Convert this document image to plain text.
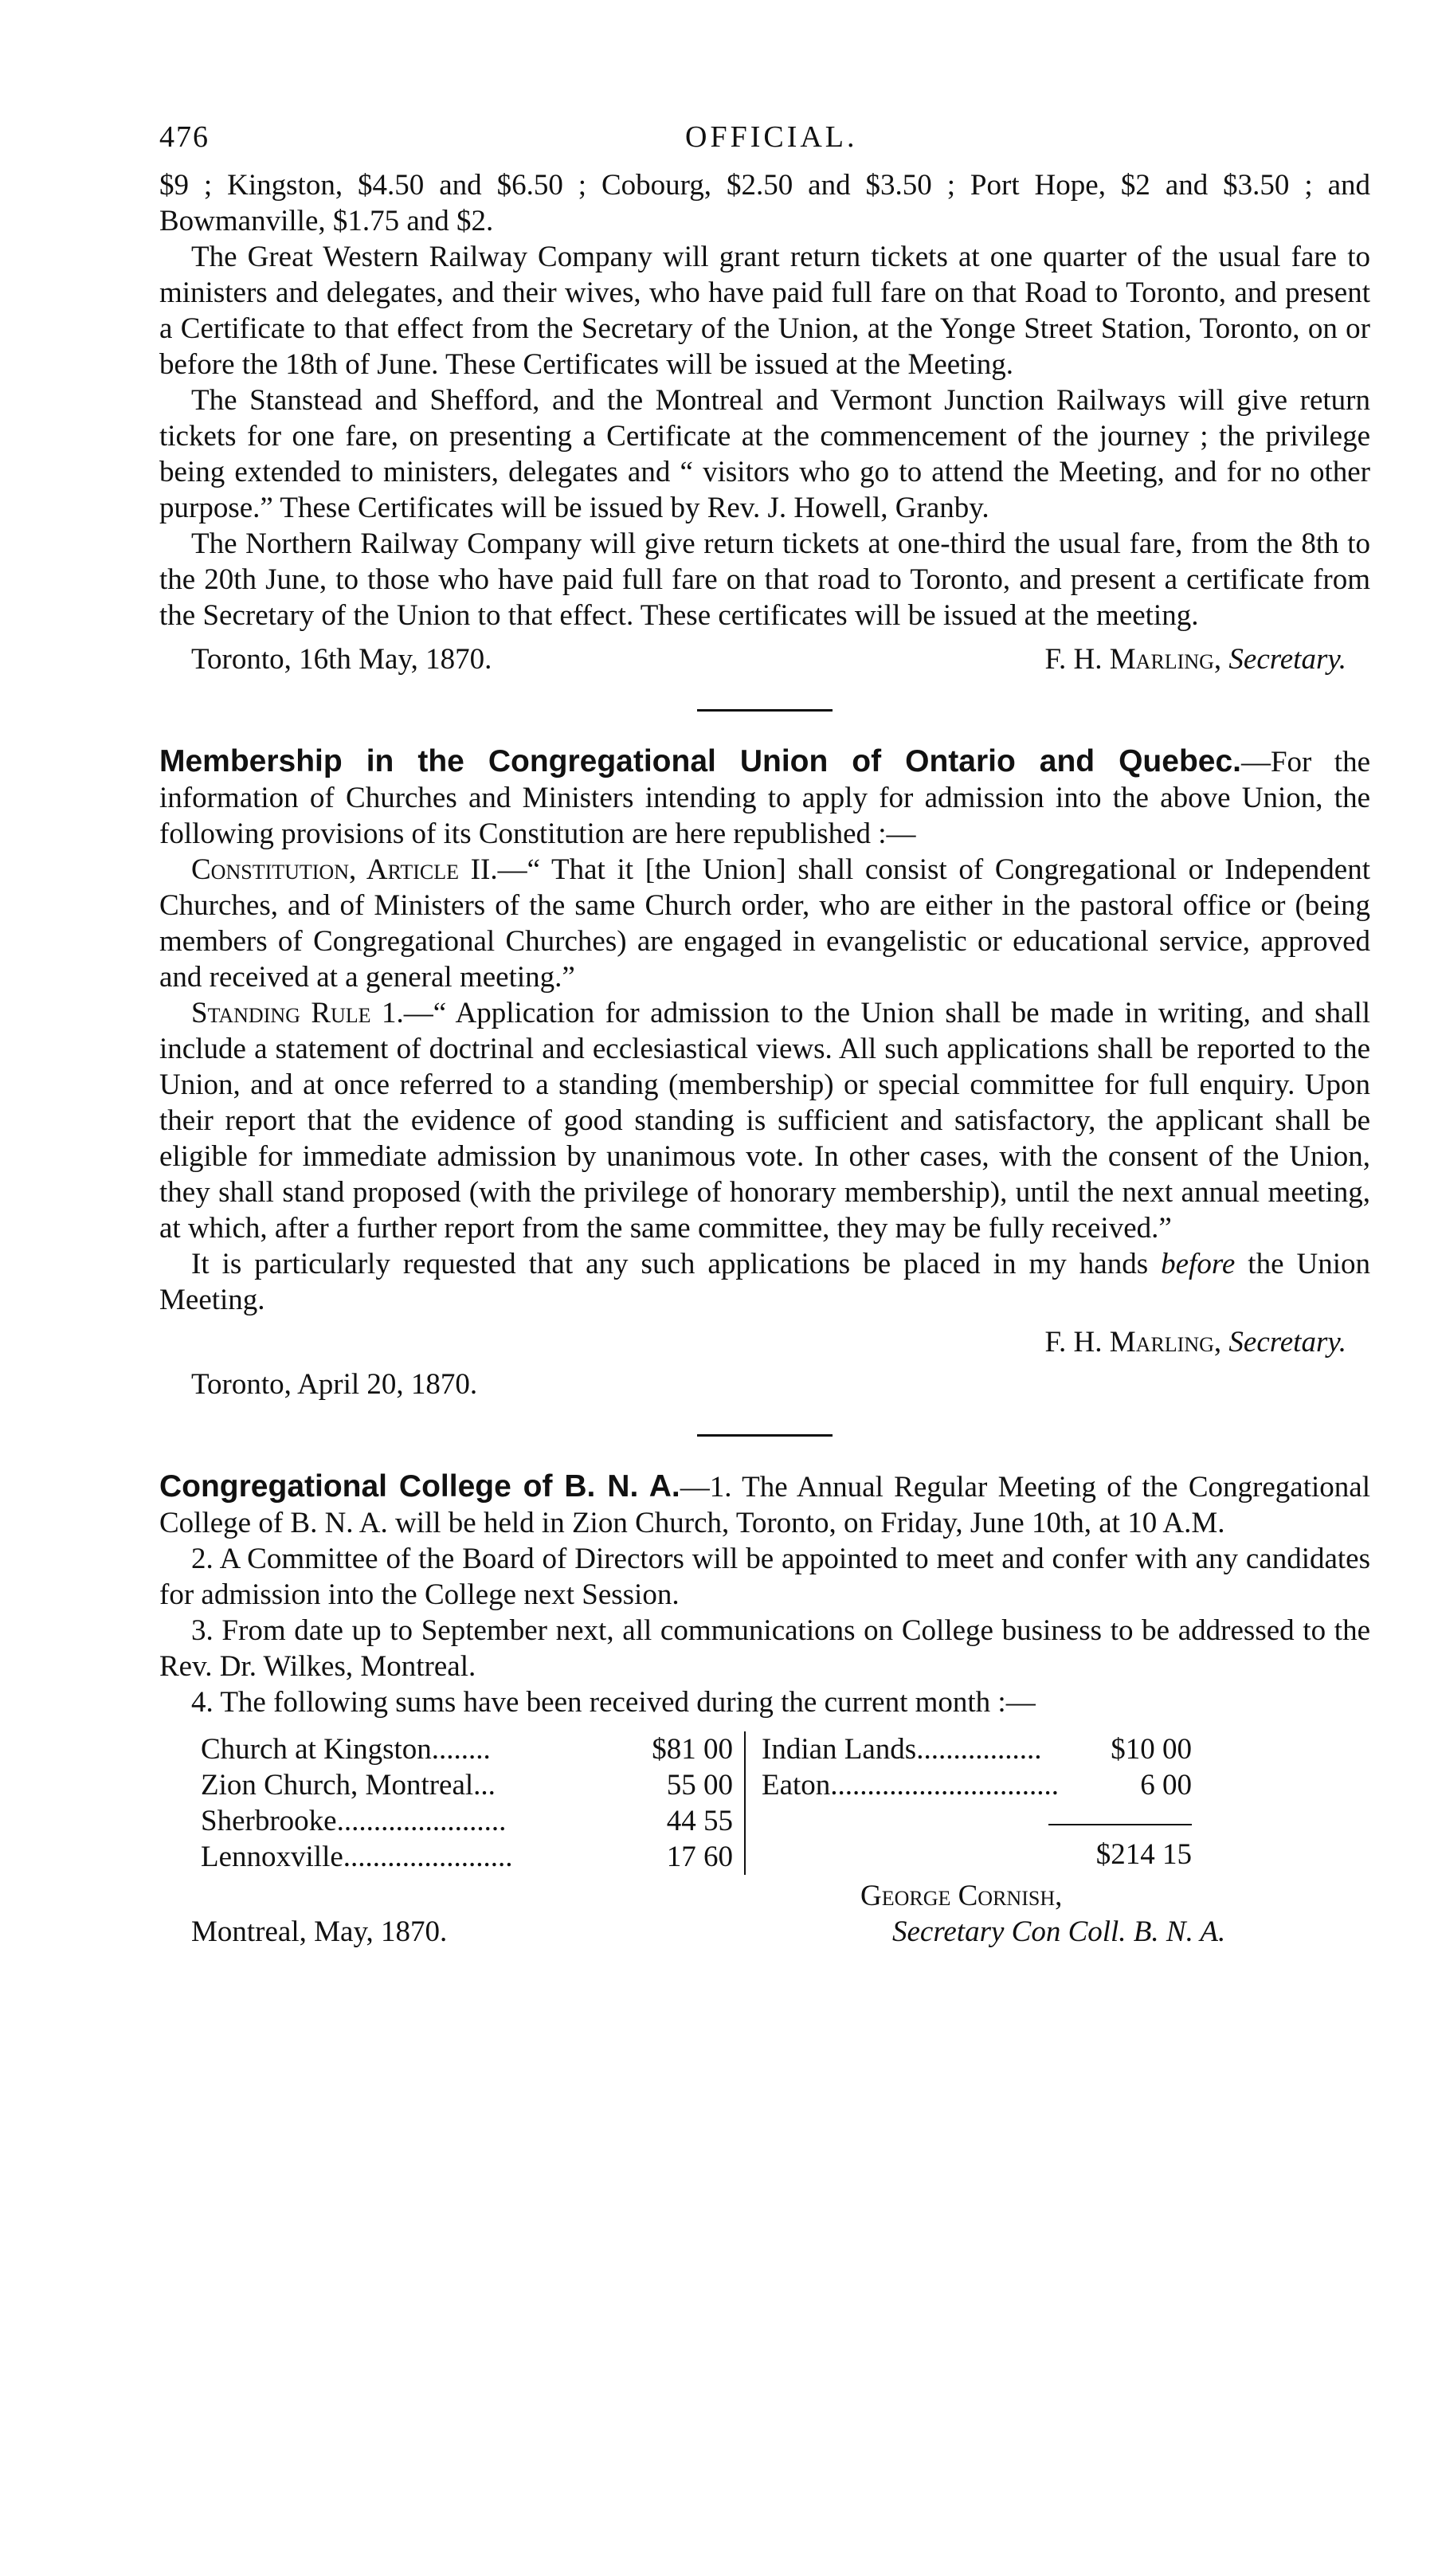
476	OFFICIAL.

$9 ; Kingston, $4.50 and $6.50 ; Cobourg, $2.50 and $3.50 ; Port Hope, $2 and $3.50 ; and Bowmanville, $1.75 and $2.

The Great Western Railway Company will grant return tickets at one quarter of the usual fare to ministers and delegates, and their wives, who have paid full fare on that Road to Toronto, and present a Certificate to that effect from the Secretary of the Union, at the Yonge Street Station, Toronto, on or before the 18th of June. These Certificates will be issued at the Meeting.

The Stanstead and Shefford, and the Montreal and Vermont Junction Railways will give return tickets for one fare, on presenting a Certificate at the commencement of the journey ; the privilege being extended to ministers, delegates and “ visitors who go to attend the Meeting, and for no other purpose.” These Certificates will be issued by Rev. J. Howell, Granby.

The Northern Railway Company will give return tickets at one-third the usual fare, from the 8th to the 20th June, to those who have paid full fare on that road to Toronto, and present a certificate from the Secretary of the Union to that effect. These certificates will be issued at the meeting.

Toronto, 16th May, 1870.	F. H. Marling, Secretary.

Membership in the Congregational Union of Ontario and Quebec.—For the information of Churches and Ministers intending to apply for admission into the above Union, the following provisions of its Constitution are here republished :—

Constitution, Article II.—“ That it [the Union] shall consist of Congregational or Independent Churches, and of Ministers of the same Church order, who are either in the pastoral office or (being members of Congregational Churches) are engaged in evangelistic or educational service, approved and received at a general meeting.”

Standing Rule 1.—“ Application for admission to the Union shall be made in writing, and shall include a statement of doctrinal and ecclesiastical views. All such applications shall be reported to the Union, and at once referred to a standing (membership) or special committee for full enquiry. Upon their report that the evidence of good standing is sufficient and satisfactory, the applicant shall be eligible for immediate admission by unanimous vote. In other cases, with the consent of the Union, they shall stand proposed (with the privilege of honorary membership), until the next annual meeting, at which, after a further report from the same committee, they may be fully received.”

It is particularly requested that any such applications be placed in my hands before the Union Meeting.

F. H. Marling, Secretary.
Toronto, April 20, 1870.

Congregational College of B. N. A.—1. The Annual Regular Meeting of the Congregational College of B. N. A. will be held in Zion Church, Toronto, on Friday, June 10th, at 10 A.M.

2. A Committee of the Board of Directors will be appointed to meet and confer with any candidates for admission into the College next Session.

3. From date up to September next, all communications on College business to be addressed to the Rev. Dr. Wilkes, Montreal.

4. The following sums have been received during the current month :—

Church at Kingston........	$81 00
Zion Church, Montreal...	55 00
Sherbrooke.......................	44 55
Lennoxville.......................	17 60
Indian Lands................. $10 00
Eaton...............................	6 00
$214 15
Montreal, May, 1870.
George Cornish,
Secretary Con Coll. B. N. A.
